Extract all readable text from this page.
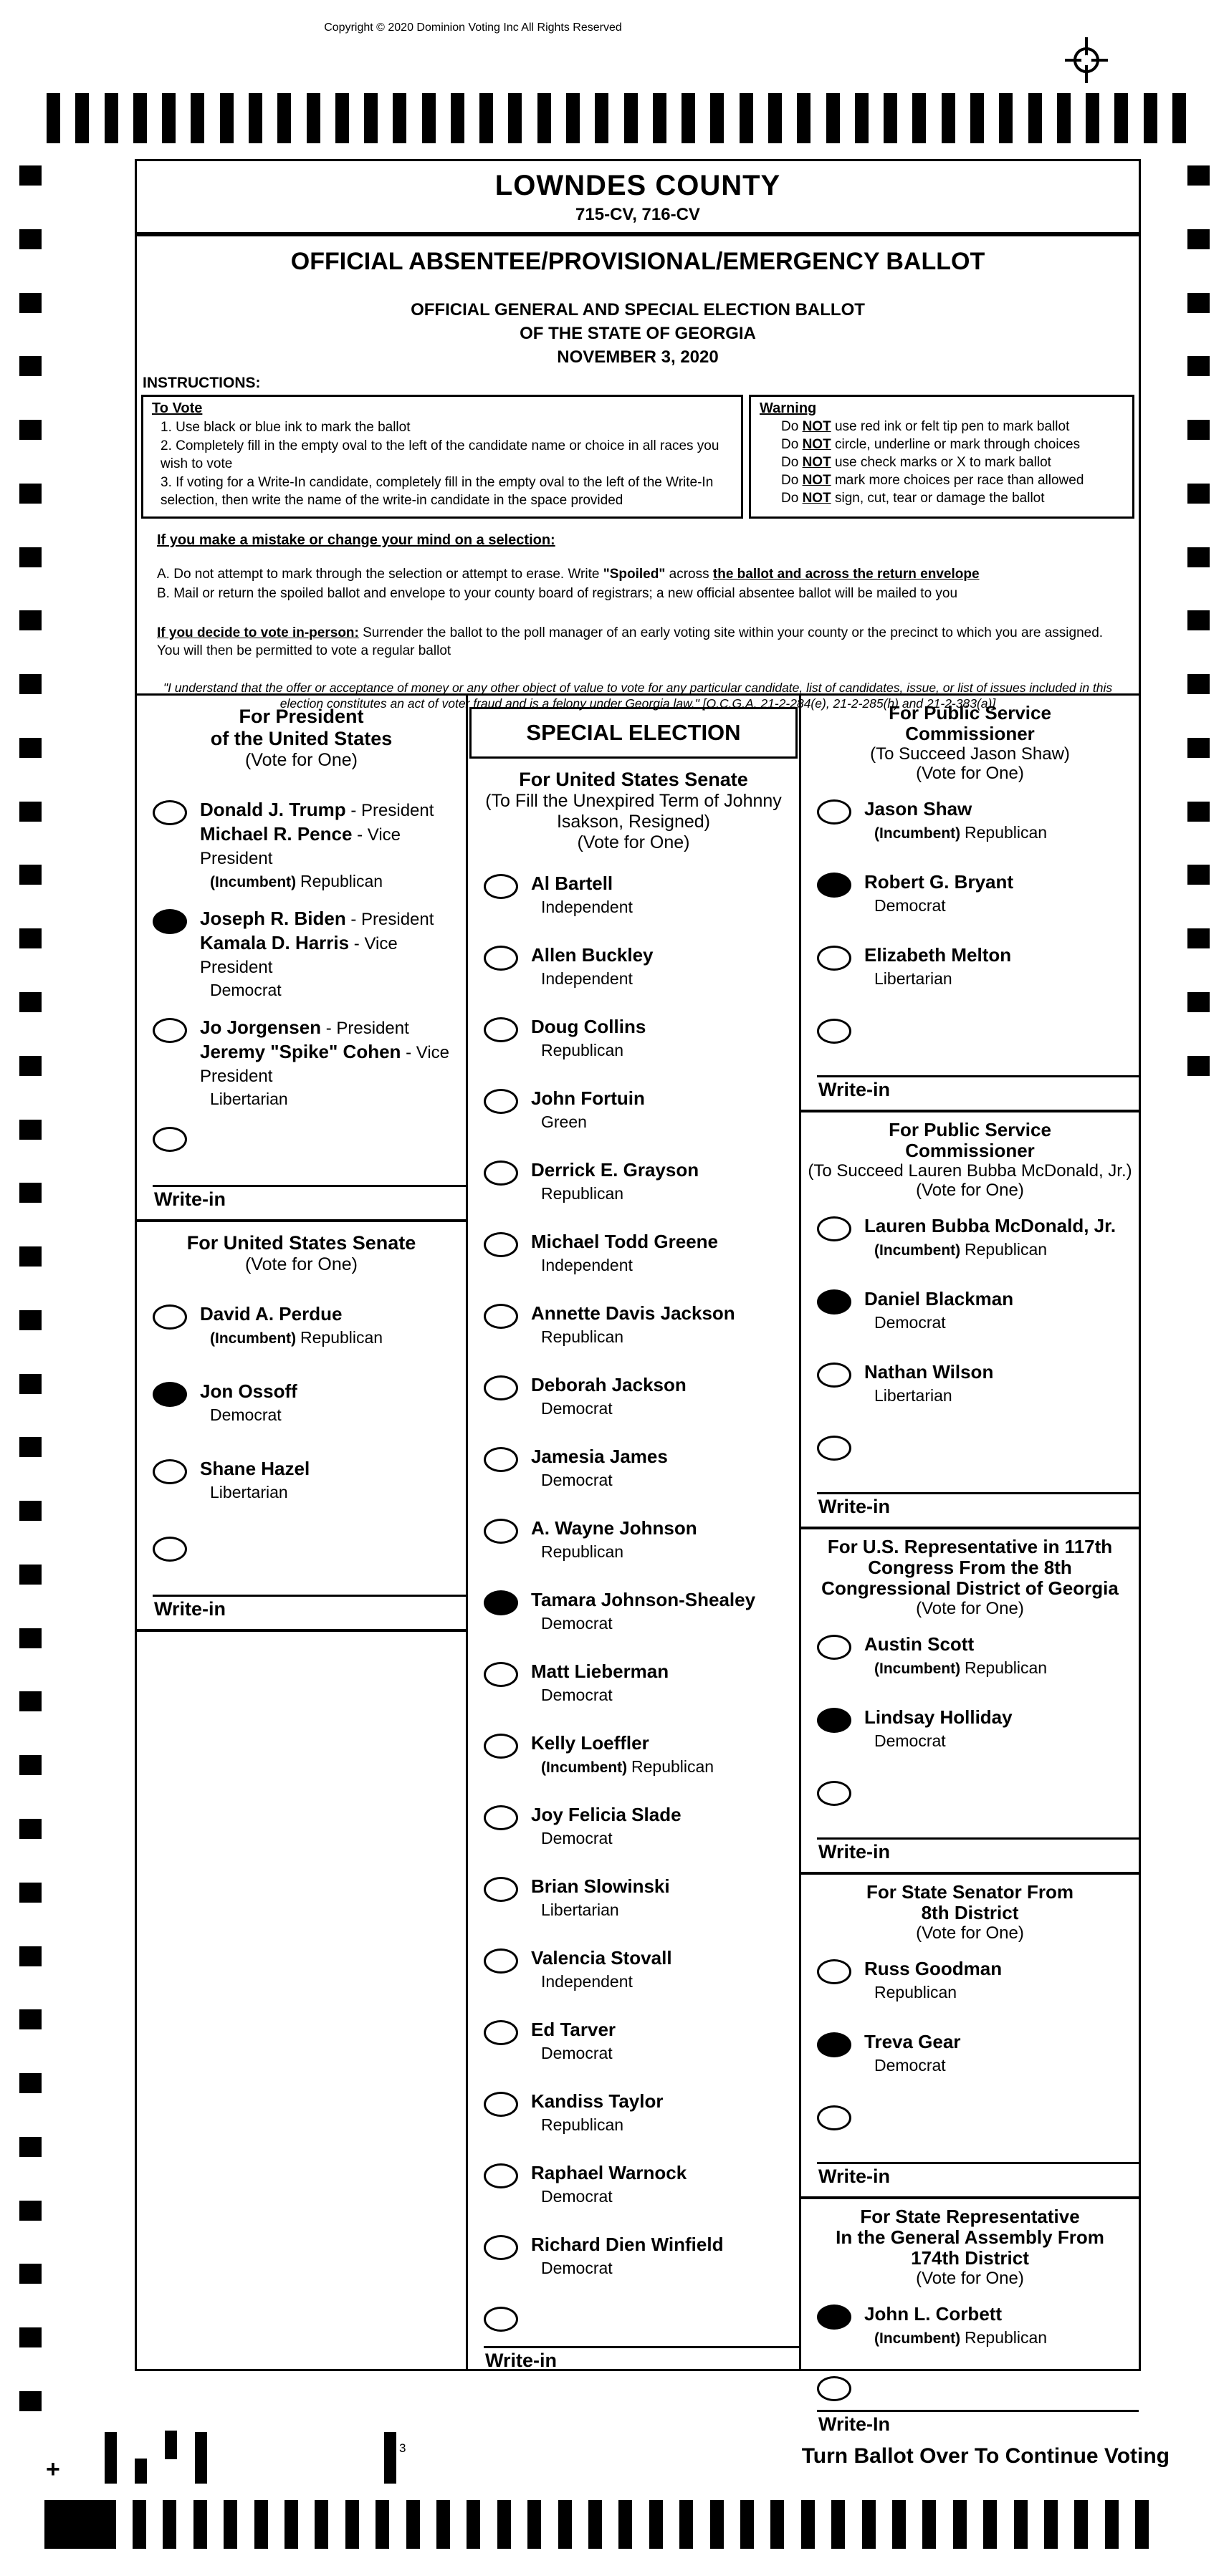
Copyright © 2020 Dominion Voting Inc All Rights Reserved
LOWNDES COUNTY
715-CV, 716-CV
OFFICIAL ABSENTEE/PROVISIONAL/EMERGENCY BALLOT
OFFICIAL GENERAL AND SPECIAL ELECTION BALLOT
OF THE STATE OF GEORGIA
NOVEMBER 3, 2020
INSTRUCTIONS:
To Vote
1. Use black or blue ink to mark the ballot
2. Completely fill in the empty oval to the left of the candidate name or choice in all races you wish to vote
3. If voting for a Write-In candidate, completely fill in the empty oval to the left of the Write-In selection, then write the name of the write-in candidate in the space provided
Warning
Do NOT use red ink or felt tip pen to mark ballot
Do NOT circle, underline or mark through choices
Do NOT use check marks or X to mark ballot
Do NOT mark more choices per race than allowed
Do NOT sign, cut, tear or damage the ballot
If you make a mistake or change your mind on a selection:
A. Do not attempt to mark through the selection or attempt to erase. Write "Spoiled" across the ballot and across the return envelope
B. Mail or return the spoiled ballot and envelope to your county board of registrars; a new official absentee ballot will be mailed to you
If you decide to vote in-person: Surrender the ballot to the poll manager of an early voting site within your county or the precinct to which you are assigned. You will then be permitted to vote a regular ballot
"I understand that the offer or acceptance of money or any other object of value to vote for any particular candidate, list of candidates, issue, or list of issues included in this
election constitutes an act of voter fraud and is a felony under Georgia law." [O.C.G.A. 21-2-284(e), 21-2-285(h) and 21-2-383(a)]
For President
of the United States
(Vote for One)
Donald J. Trump - President
Michael R. Pence - Vice President
(Incumbent) Republican
Joseph R. Biden - President
Kamala D. Harris - Vice President
Democrat
Jo Jorgensen - President
Jeremy "Spike" Cohen - Vice President
Libertarian
Write-in
For United States Senate
(Vote for One)
David A. Perdue
(Incumbent) Republican
Jon Ossoff
Democrat
Shane Hazel
Libertarian
Write-in
SPECIAL ELECTION
For United States Senate
(To Fill the Unexpired Term of Johnny
Isakson, Resigned)
(Vote for One)
Al Bartell
Independent
Allen Buckley
Independent
Doug Collins
Republican
John Fortuin
Green
Derrick E. Grayson
Republican
Michael Todd Greene
Independent
Annette Davis Jackson
Republican
Deborah Jackson
Democrat
Jamesia James
Democrat
A. Wayne Johnson
Republican
Tamara Johnson-Shealey
Democrat
Matt Lieberman
Democrat
Kelly Loeffler
(Incumbent) Republican
Joy Felicia Slade
Democrat
Brian Slowinski
Libertarian
Valencia Stovall
Independent
Ed Tarver
Democrat
Kandiss Taylor
Republican
Raphael Warnock
Democrat
Richard Dien Winfield
Democrat
Write-in
For Public Service
Commissioner
(To Succeed Jason Shaw)
(Vote for One)
Jason Shaw
(Incumbent) Republican
Robert G. Bryant
Democrat
Elizabeth Melton
Libertarian
Write-in
For Public Service
Commissioner
(To Succeed Lauren Bubba McDonald, Jr.)
(Vote for One)
Lauren Bubba McDonald, Jr.
(Incumbent) Republican
Daniel Blackman
Democrat
Nathan Wilson
Libertarian
Write-in
For U.S. Representative in 117th
Congress From the 8th
Congressional District of Georgia
(Vote for One)
Austin Scott
(Incumbent) Republican
Lindsay Holliday
Democrat
Write-in
For State Senator From
8th District
(Vote for One)
Russ Goodman
Republican
Treva Gear
Democrat
Write-in
For State Representative
In the General Assembly From
174th District
(Vote for One)
John L. Corbett
(Incumbent) Republican
Write-In
+
3	Turn Ballot Over To Continue Voting
